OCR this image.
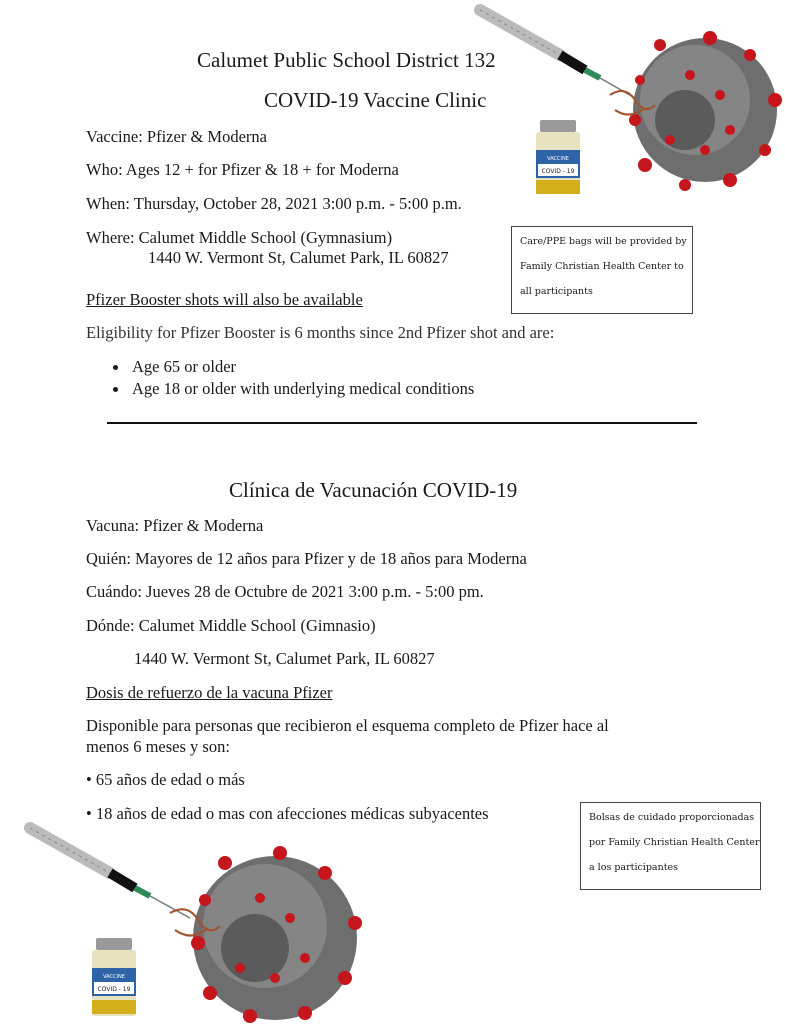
Calumet Public School District 132
COVID-19 Vaccine Clinic
Vaccine: Pfizer & Moderna
Who: Ages 12 + for Pfizer & 18 + for Moderna
When: Thursday, October 28, 2021 3:00 p.m. - 5:00 p.m.
Where: Calumet Middle School (Gymnasium)
1440 W. Vermont St, Calumet Park, IL 60827
Pfizer Booster shots will also be available
Eligibility for Pfizer Booster is 6 months since 2nd Pfizer shot and are:
Age 65 or older
Age 18 or older with underlying medical conditions
Care/PPE bags will be provided by
Family Christian Health Center to
all participants
VACCINE
COVID - 19
Clínica de Vacunación COVID-19
Vacuna: Pfizer & Moderna
Quién: Mayores de 12 años para Pfizer y de 18 años para Moderna
Cuándo: Jueves 28 de Octubre de 2021 3:00 p.m. - 5:00 pm.
Dónde: Calumet Middle School (Gimnasio)
1440 W. Vermont St, Calumet Park, IL 60827
Dosis de refuerzo de la vacuna Pfizer
Disponible para personas que recibieron el esquema completo de Pfizer hace al
menos 6 meses y son:
• 65 años de edad o más
• 18 años de edad o mas con afecciones médicas subyacentes	Bolsas de cuidado proporcionadas
por Family Christian Health Center
a los participantes
VACCINE
COVID - 19
